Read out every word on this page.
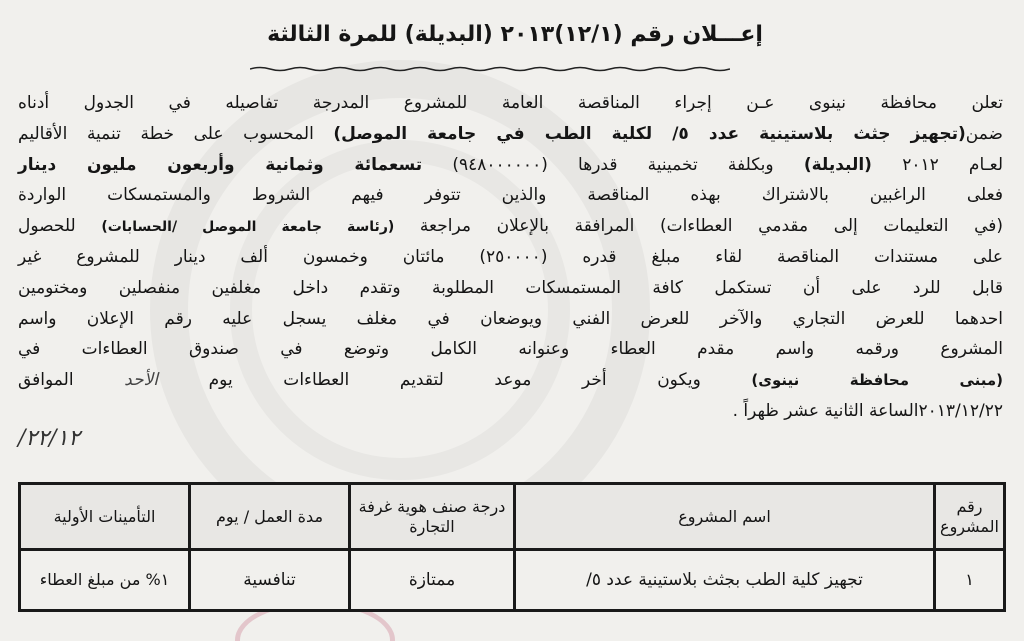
إعـــلان رقم (١٢/١)٢٠١٣ (البديلة) للمرة الثالثة
تعلن محافظة نينوى عـن إجراء المناقصة العامة للمشروع المدرجة تفاصيله في الجدول أدناه
ضمن(تجهيز جثث بلاستينية عدد ٥/ لكلية الطب في جامعة الموصل) المحسوب على خطة تنمية الأقاليم
لعـام ٢٠١٢ (البديلة) وبكلفة تخمينية قدرها (٩٤٨٠٠٠٠٠٠) تسعمائة وثمانية وأربعون مليون دينار
فعلى الراغبين بالاشتراك بهذه المناقصة والذين تتوفر فيهم الشروط والمستمسكات الواردة
(في التعليمات إلى مقدمي العطاءات) المرافقة بالإعلان مراجعة (رئاسة جامعة الموصل /الحسابات) للحصول
على مستندات المناقصة لقاء مبلغ قدره (٢٥٠٠٠٠) مائتان وخمسون ألف دينار للمشروع غير
قابل للرد على أن تستكمل كافة المستمسكات المطلوبة وتقدم داخل مغلفين منفصلين ومختومين
احدهما للعرض التجاري والآخر للعرض الفني ويوضعان في مغلف يسجل عليه رقم الإعلان واسم
المشروع ورقمه واسم مقدم العطاء وعنوانه الكامل وتوضع في صندوق العطاءات في
(مبنى محافظة نينوى) ويكون أخر موعد لتقديم العطاءات يوم الأحد الموافق
٢٠١٣/١٢/٢٢الساعة الثانية عشر ظهراً .
٢٢/١٢/
رقم المشروع	اسم المشروع	درجة صنف هوية غرفة التجارة	مدة العمل / يوم	التأمينات الأولية
١	تجهيز كلية الطب بجثث بلاستينية عدد ٥/	ممتازة	تنافسية	١% من مبلغ العطاء
